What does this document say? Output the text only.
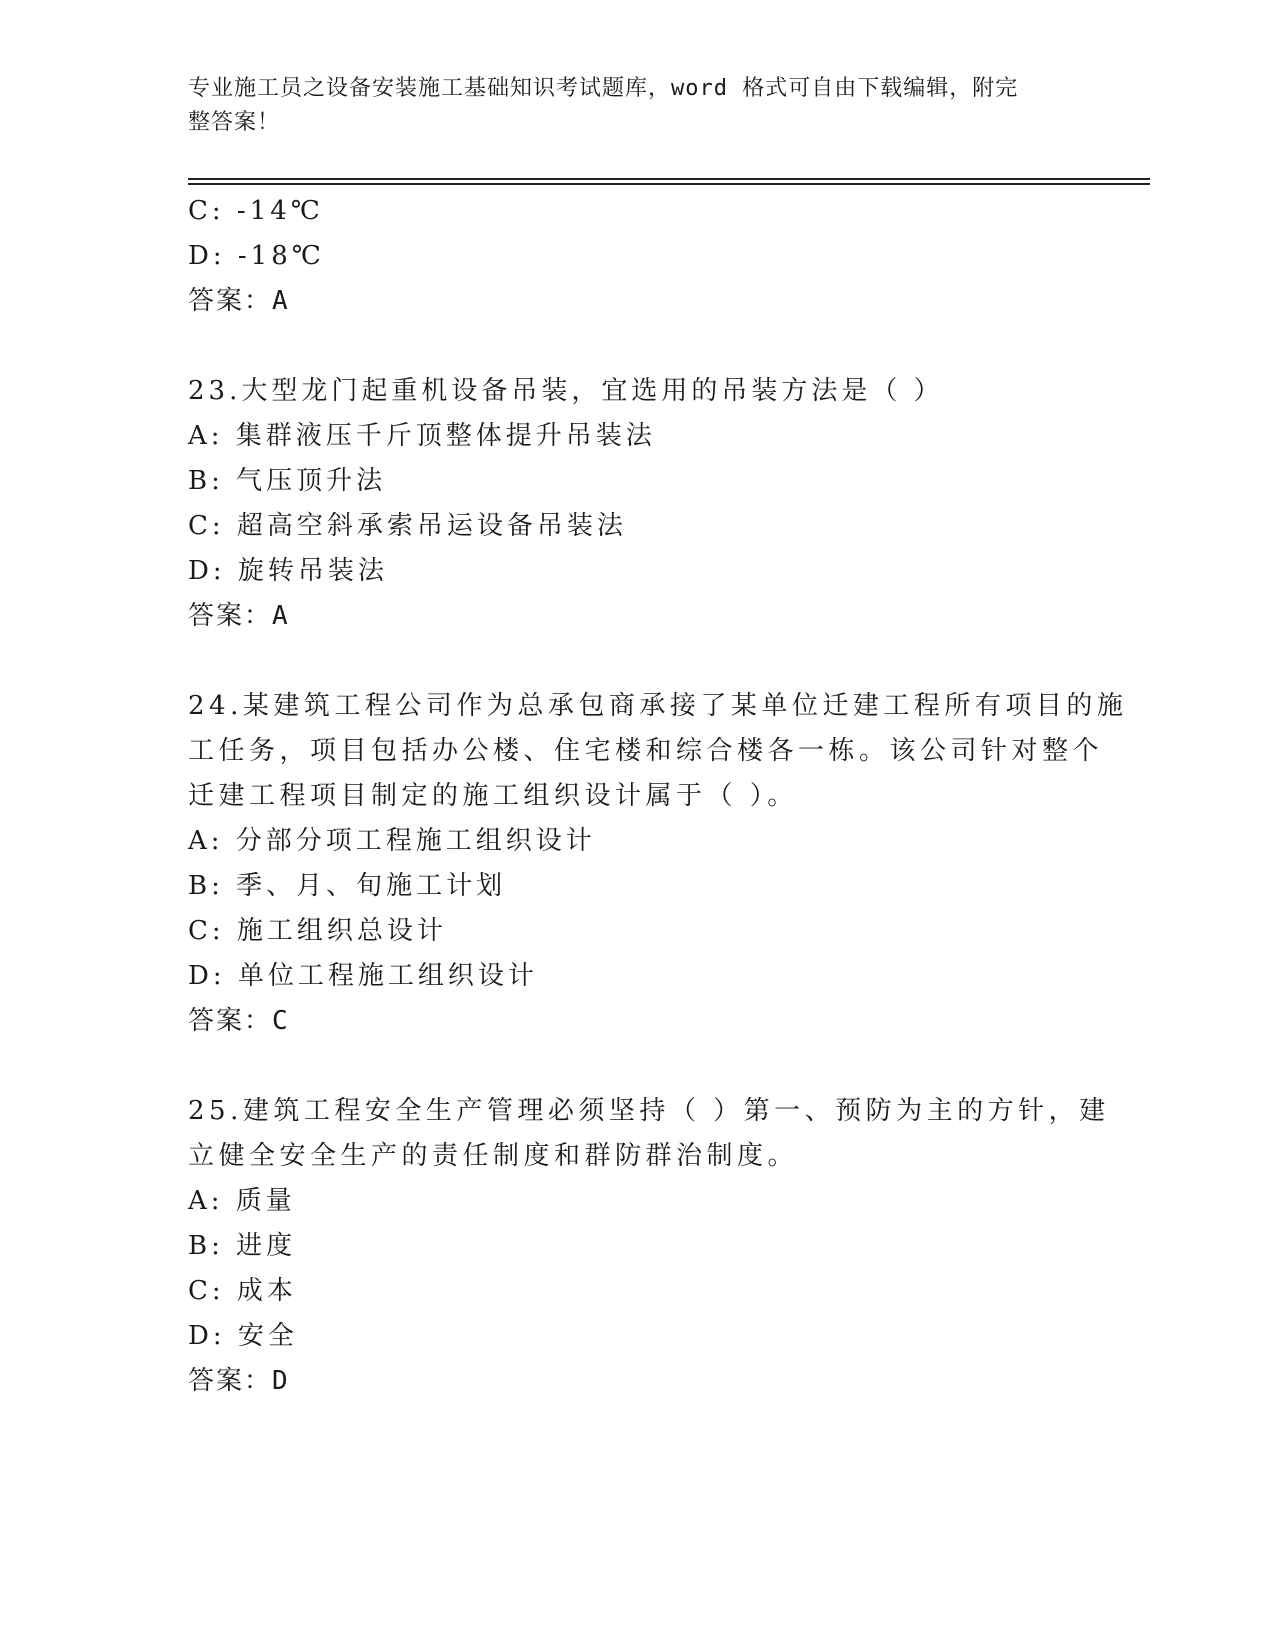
专业施工员之设备安装施工基础知识考试题库，word 格式可自由下载编辑，附完
整答案！
C: -14℃
D: -18℃
答案：A
23.大型龙门起重机设备吊装，宜选用的吊装方法是（ ）
A: 集群液压千斤顶整体提升吊装法
B: 气压顶升法
C: 超高空斜承索吊运设备吊装法
D: 旋转吊装法
答案：A
24.某建筑工程公司作为总承包商承接了某单位迁建工程所有项目的施
工任务，项目包括办公楼、住宅楼和综合楼各一栋。该公司针对整个
迁建工程项目制定的施工组织设计属于（ ）。
A: 分部分项工程施工组织设计
B: 季、月、旬施工计划
C: 施工组织总设计
D: 单位工程施工组织设计
答案：C
25.建筑工程安全生产管理必须坚持（ ）第一、预防为主的方针，建
立健全安全生产的责任制度和群防群治制度。
A: 质量
B: 进度
C: 成本
D: 安全
答案：D
